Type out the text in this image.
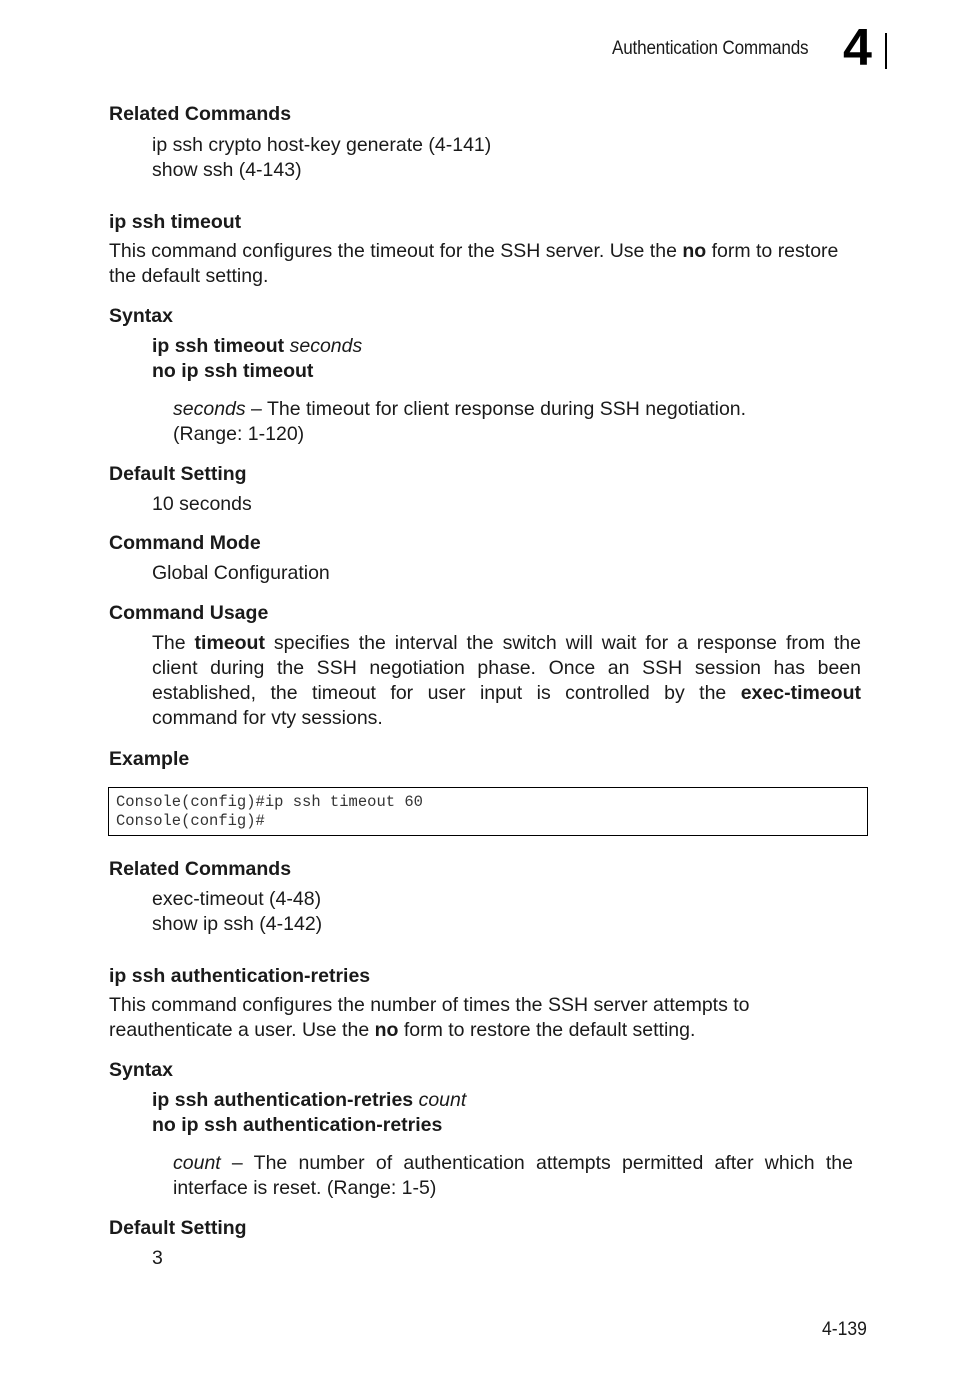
Authentication Commands 4
Related Commands
ip ssh crypto host-key generate (4-141)
show ssh (4-143)
ip ssh timeout
This command configures the timeout for the SSH server. Use the no form to restore
the default setting.
Syntax
ip ssh timeout seconds
no ip ssh timeout
seconds – The timeout for client response during SSH negotiation.
(Range: 1-120)
Default Setting
10 seconds
Command Mode
Global Configuration
Command Usage
The timeout specifies the interval the switch will wait for a response from the client during the SSH negotiation phase. Once an SSH session has been established, the timeout for user input is controlled by the exec-timeout command for vty sessions.
Example
Console(config)#ip ssh timeout 60
Console(config)#
Related Commands
exec-timeout (4-48)
show ip ssh (4-142)
ip ssh authentication-retries
This command configures the number of times the SSH server attempts to
reauthenticate a user. Use the no form to restore the default setting.
Syntax
ip ssh authentication-retries count
no ip ssh authentication-retries
count – The number of authentication attempts permitted after which the interface is reset. (Range: 1-5)
Default Setting
3
4-139
